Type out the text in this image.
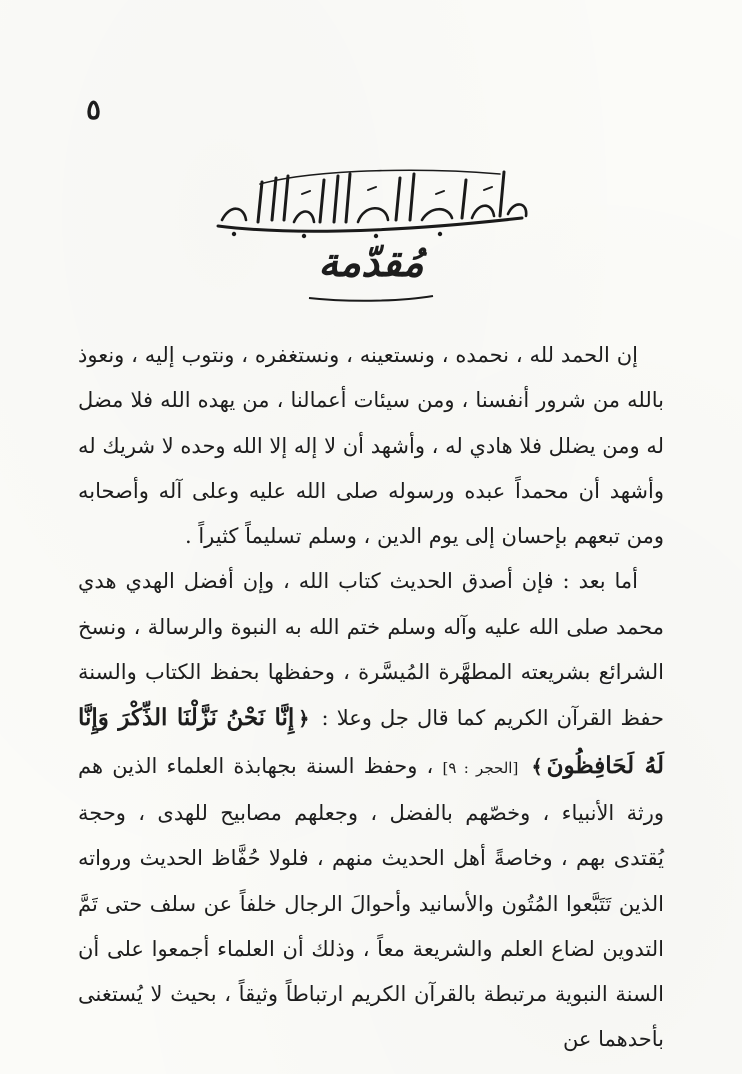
٥
مُقدّمة

إن الحمد لله ، نحمده ، ونستعينه ، ونستغفره ، ونتوب إليه ، ونعوذ بالله من شرور أنفسنا ، ومن سيئات أعمالنا ، من يهده الله فلا مضل له ومن يضلل فلا هادي له ، وأشهد أن لا إله إلا الله وحده لا شريك له وأشهد أن محمداً عبده ورسوله صلى الله عليه وعلى آله وأصحابه ومن تبعهم بإحسان إلى يوم الدين ، وسلم تسليماً كثيراً .

أما بعد : فإن أصدق الحديث كتاب الله ، وإن أفضل الهدي هدي محمد صلى الله عليه وآله وسلم ختم الله به النبوة والرسالة ، ونسخ الشرائع بشريعته المطهَّرة المُيسَّرة ، وحفظها بحفظ الكتاب والسنة حفظ القرآن الكريم كما قال جل وعلا : ﴿إِنَّا نَحْنُ نَزَّلْنَا الذِّكْرَ وَإِنَّا لَهُ لَحَافِظُونَ﴾ [الحجر : ٩] ، وحفظ السنة بجهابذة العلماء الذين هم ورثة الأنبياء ، وخصّهم بالفضل ، وجعلهم مصابيح للهدى ، وحجة يُقتدى بهم ، وخاصةً أهل الحديث منهم ، فلولا حُفَّاظ الحديث ورواته الذين تَتَبَّعوا المُتُون والأسانيد وأحوالَ الرجال خلفاً عن سلف حتى تَمَّ التدوين لضاع العلم والشريعة معاً ، وذلك أن العلماء أجمعوا على أن السنة النبوية مرتبطة بالقرآن الكريم ارتباطاً وثيقاً ، بحيث لا يُستغنى بأحدهما عن
